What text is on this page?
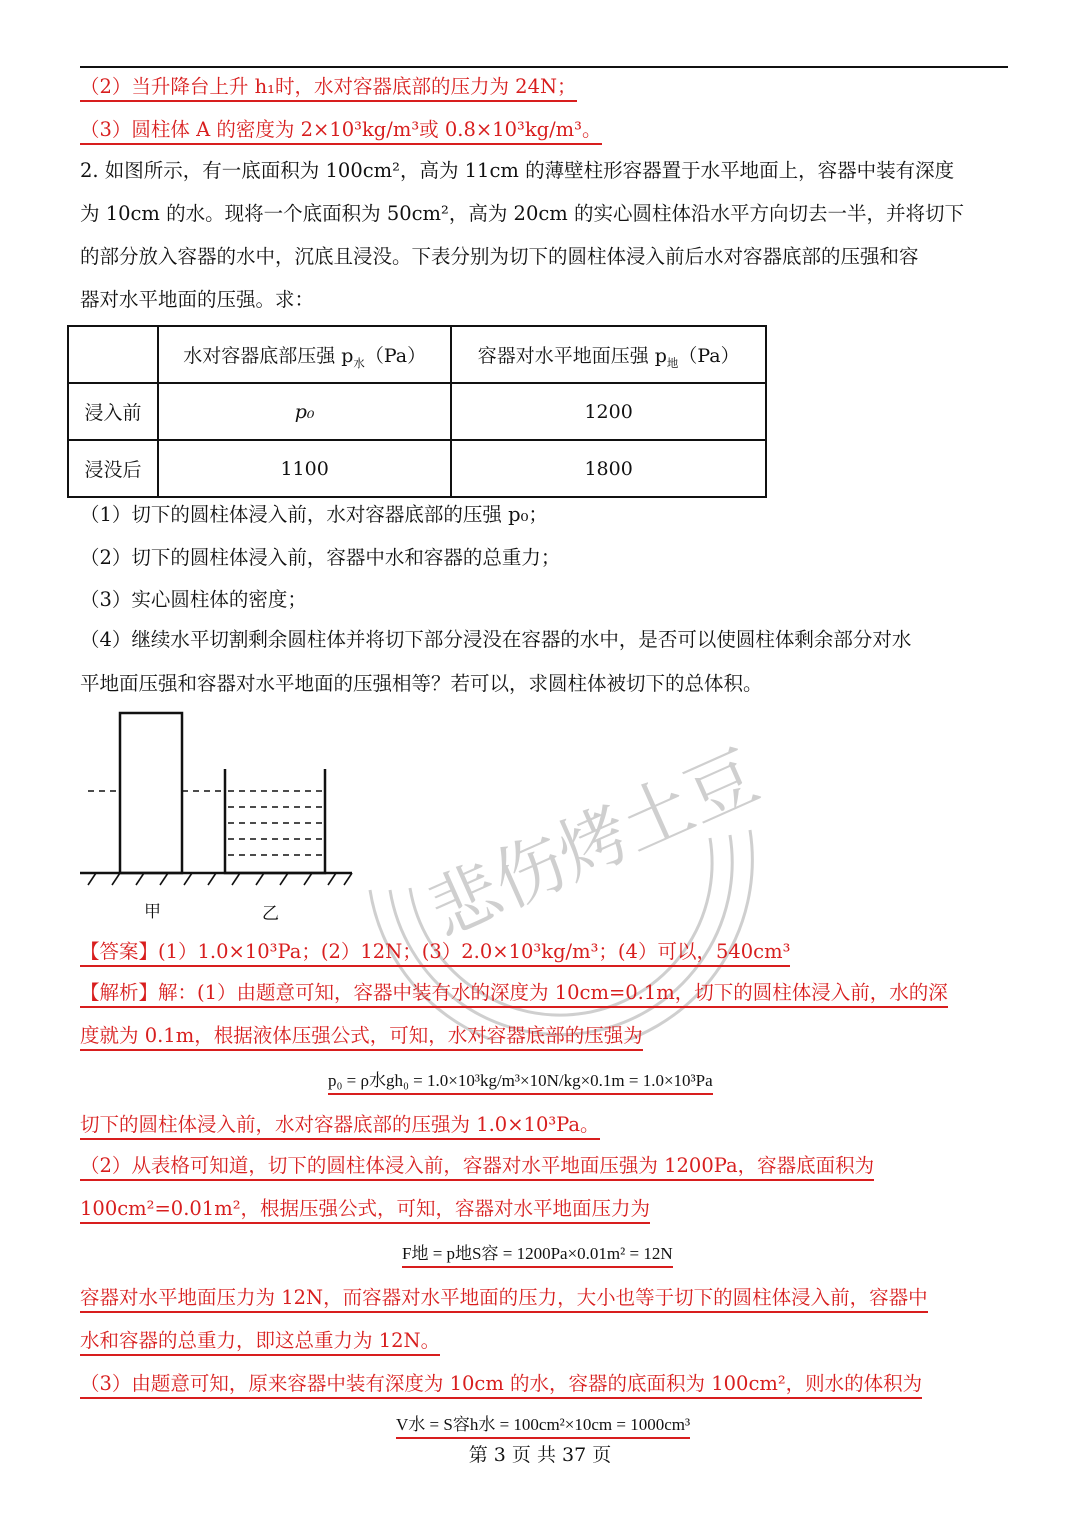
（2）当升降台上升 h₁时，水对容器底部的压力为 24N；
（3）圆柱体 A 的密度为 2×10³kg/m³或 0.8×10³kg/m³。
2. 如图所示，有一底面积为 100cm²，高为 11cm 的薄壁柱形容器置于水平地面上，容器中装有深度
为 10cm 的水。现将一个底面积为 50cm²，高为 20cm 的实心圆柱体沿水平方向切去一半，并将切下
的部分放入容器的水中，沉底且浸没。下表分别为切下的圆柱体浸入前后水对容器底部的压强和容
器对水平地面的压强。求：
	水对容器底部压强 $p_水(Pa)$	容器对水平地面压强 $p_地(Pa)$
浸入前	p₀	1200
浸没后	1100	1800
（1）切下的圆柱体浸入前，水对容器底部的压强 p₀；
（2）切下的圆柱体浸入前，容器中水和容器的总重力；
（3）实心圆柱体的密度；
（4）继续水平切割剩余圆柱体并将切下部分浸没在容器的水中，是否可以使圆柱体剩余部分对水
平地面压强和容器对水平地面的压强相等？若可以，求圆柱体被切下的总体积。
甲	乙 悲伤烤土豆
【答案】(1）1.0×10³Pa；(2）12N；(3）2.0×10³kg/m³；(4）可以，540cm³
【解析】解：(1）由题意可知，容器中装有水的深度为 10cm=0.1m，切下的圆柱体浸入前，水的深
度就为 0.1m，根据液体压强公式，可知，水对容器底部的压强为
p₀ = ρ水gh₀ = 1.0×10³kg/m³×10N/kg×0.1m = 1.0×10³Pa
切下的圆柱体浸入前，水对容器底部的压强为 1.0×10³Pa。
（2）从表格可知道，切下的圆柱体浸入前，容器对水平地面压强为 1200Pa，容器底面积为
100cm²=0.01m²，根据压强公式，可知，容器对水平地面压力为
F地 = p地S容 = 1200Pa×0.01m² = 12N
容器对水平地面压力为 12N，而容器对水平地面的压力，大小也等于切下的圆柱体浸入前，容器中
水和容器的总重力，即这总重力为 12N。
（3）由题意可知，原来容器中装有深度为 10cm 的水，容器的底面积为 100cm²，则水的体积为
V水 = S容h水 = 100cm²×10cm = 1000cm³
第 3 页 共 37 页
